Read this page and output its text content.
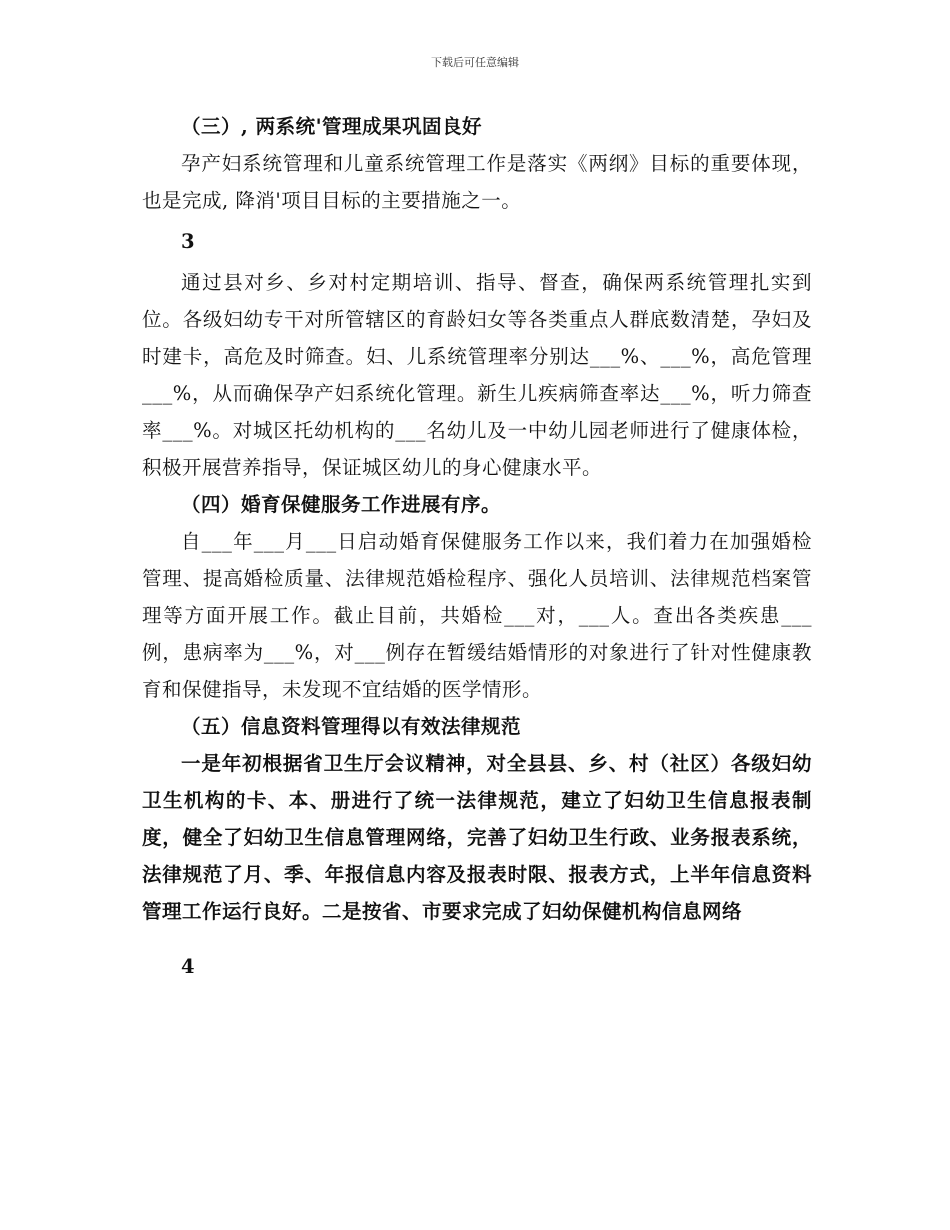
下载后可任意编辑

（三）, 两系统'管理成果巩固良好

孕产妇系统管理和儿童系统管理工作是落实《两纲》目标的重要体现，也是完成, 降消'项目目标的主要措施之一。

3

通过县对乡、乡对村定期培训、指导、督查，确保两系统管理扎实到位。各级妇幼专干对所管辖区的育龄妇女等各类重点人群底数清楚，孕妇及时建卡，高危及时筛查。妇、儿系统管理率分别达___%、___%，高危管理___%，从而确保孕产妇系统化管理。新生儿疾病筛查率达___%，听力筛查率___%。对城区托幼机构的___名幼儿及一中幼儿园老师进行了健康体检，积极开展营养指导，保证城区幼儿的身心健康水平。

（四）婚育保健服务工作进展有序。

自___年___月___日启动婚育保健服务工作以来，我们着力在加强婚检管理、提高婚检质量、法律规范婚检程序、强化人员培训、法律规范档案管理等方面开展工作。截止目前，共婚检___对，___人。查出各类疾患___例，患病率为___%，对___例存在暂缓结婚情形的对象进行了针对性健康教育和保健指导，未发现不宜结婚的医学情形。

（五）信息资料管理得以有效法律规范

一是年初根据省卫生厅会议精神，对全县县、乡、村（社区）各级妇幼卫生机构的卡、本、册进行了统一法律规范，建立了妇幼卫生信息报表制度，健全了妇幼卫生信息管理网络，完善了妇幼卫生行政、业务报表系统，法律规范了月、季、年报信息内容及报表时限、报表方式，上半年信息资料管理工作运行良好。二是按省、市要求完成了妇幼保健机构信息网络

4
